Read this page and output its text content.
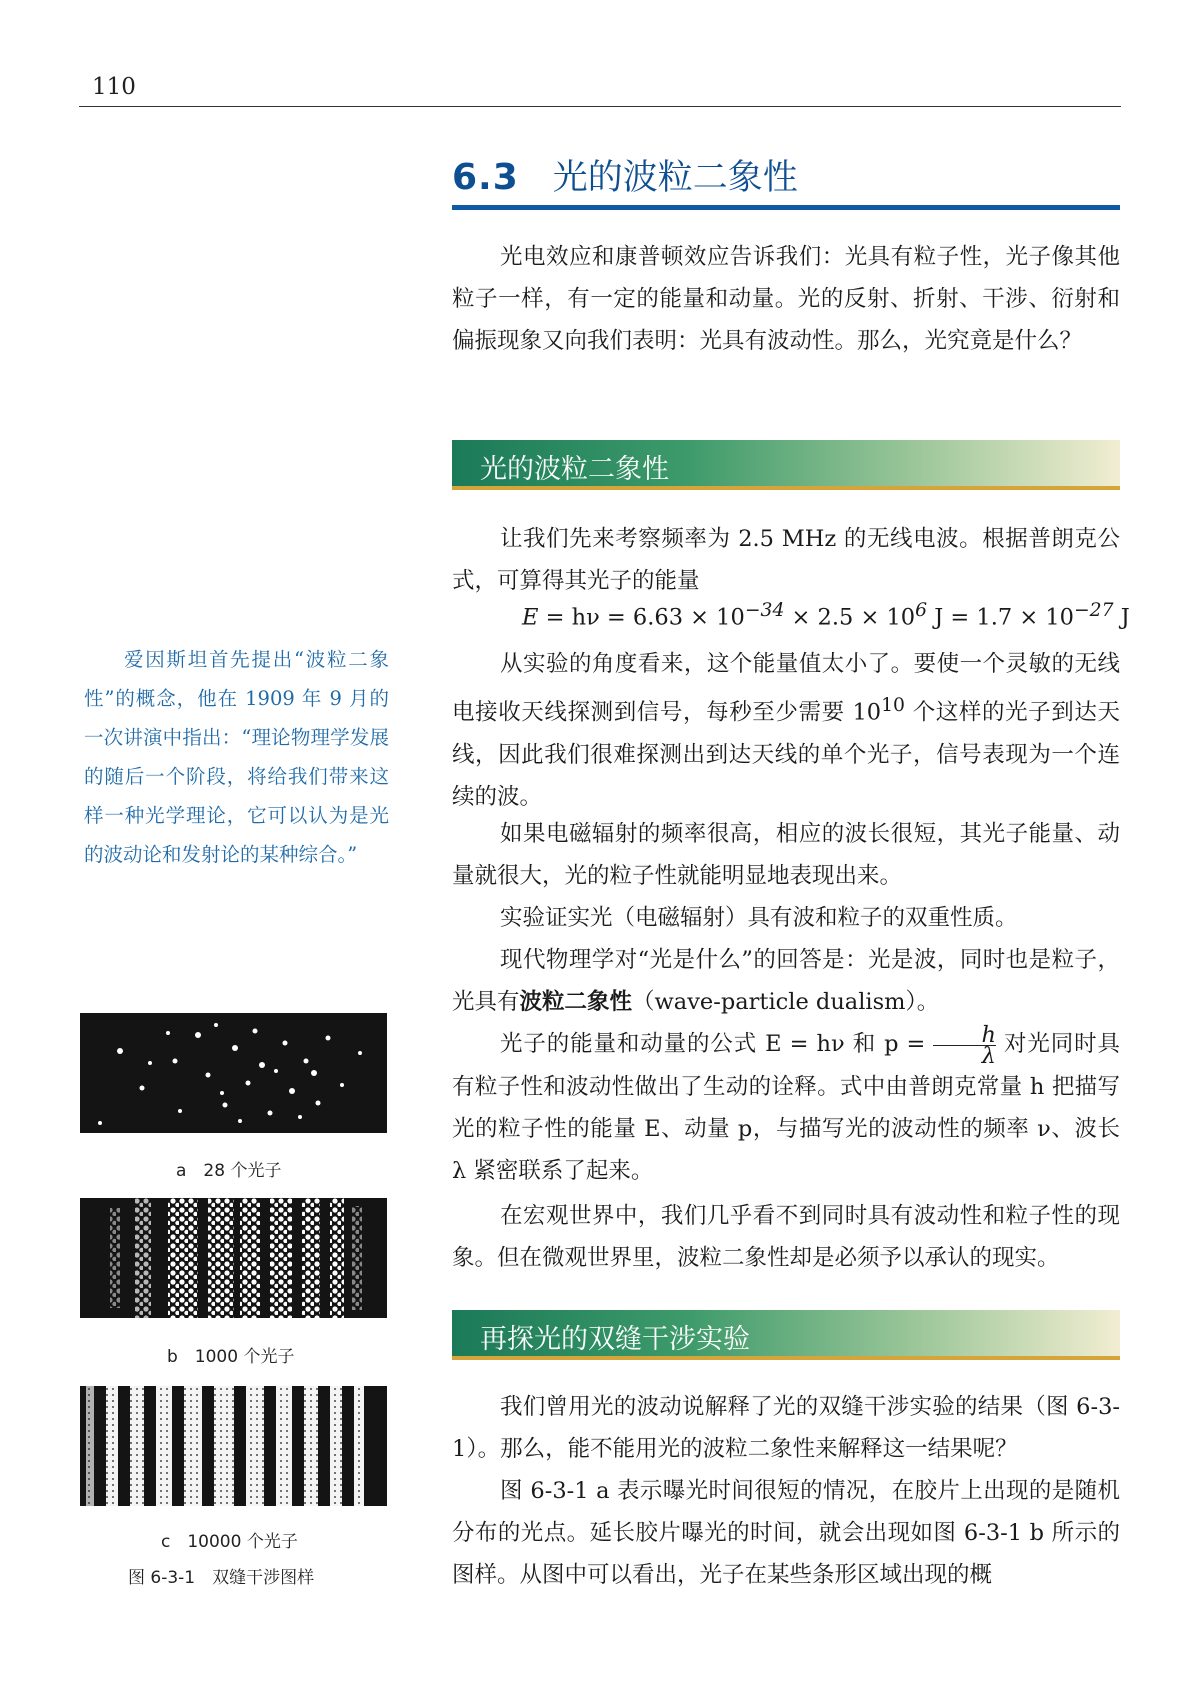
110
6.3 光的波粒二象性

光电效应和康普顿效应告诉我们：光具有粒子性，光子像其他粒子一样，有一定的能量和动量。光的反射、折射、干涉、衍射和偏振现象又向我们表明：光具有波动性。那么，光究竟是什么？

光的波粒二象性

让我们先来考察频率为 2.5 MHz 的无线电波。根据普朗克公式，可算得其光子的能量

$E = h\nu = 6.63 \times 10^{-34} \times 2.5 \times 10^6$ $J = 1.7 \times 10^{-27}$ J

从实验的角度看来，这个能量值太小了。要使一个灵敏的无线电接收天线探测到信号，每秒至少需要 $10^{10}$ 个这样的光子到达天线，因此我们很难探测出到达天线的单个光子，信号表现为一个连续的波。

如果电磁辐射的频率很高，相应的波长很短，其光子能量、动量就很大，光的粒子性就能明显地表现出来。

实验证实光（电磁辐射）具有波和粒子的双重性质。

现代物理学对“光是什么”的回答是：光是波，同时也是粒子，光具有波粒二象性（wave-particle dualism）。

光子的能量和动量的公式 E = hν 和 $p = \frac{h}{\lambda}$ 对光同时具有粒子性和波动性做出了生动的诠释。式中由普朗克常量 h 把描写光的粒子性的能量 E、动量 p，与描写光的波动性的频率 ν、波长 λ 紧密联系了起来。

在宏观世界中，我们几乎看不到同时具有波动性和粒子性的现象。但在微观世界里，波粒二象性却是必须予以承认的现实。

再探光的双缝干涉实验

我们曾用光的波动说解释了光的双缝干涉实验的结果（图 6-3-1）。那么，能不能用光的波粒二象性来解释这一结果呢？

图 6-3-1 a 表示曝光时间很短的情况，在胶片上出现的是随机分布的光点。延长胶片曝光的时间，就会出现如图 6-3-1 b 所示的图样。从图中可以看出，光子在某些条形区域出现的概

爱因斯坦首先提出“波粒二象性”的概念，他在 1909 年 9 月的一次讲演中指出：“理论物理学发展的随后一个阶段，将给我们带来这样一种光学理论，它可以认为是光的波动论和发射论的某种综合。”

a　28 个光子
b　1000 个光子
c　10000 个光子
图 6-3-1　双缝干涉图样
